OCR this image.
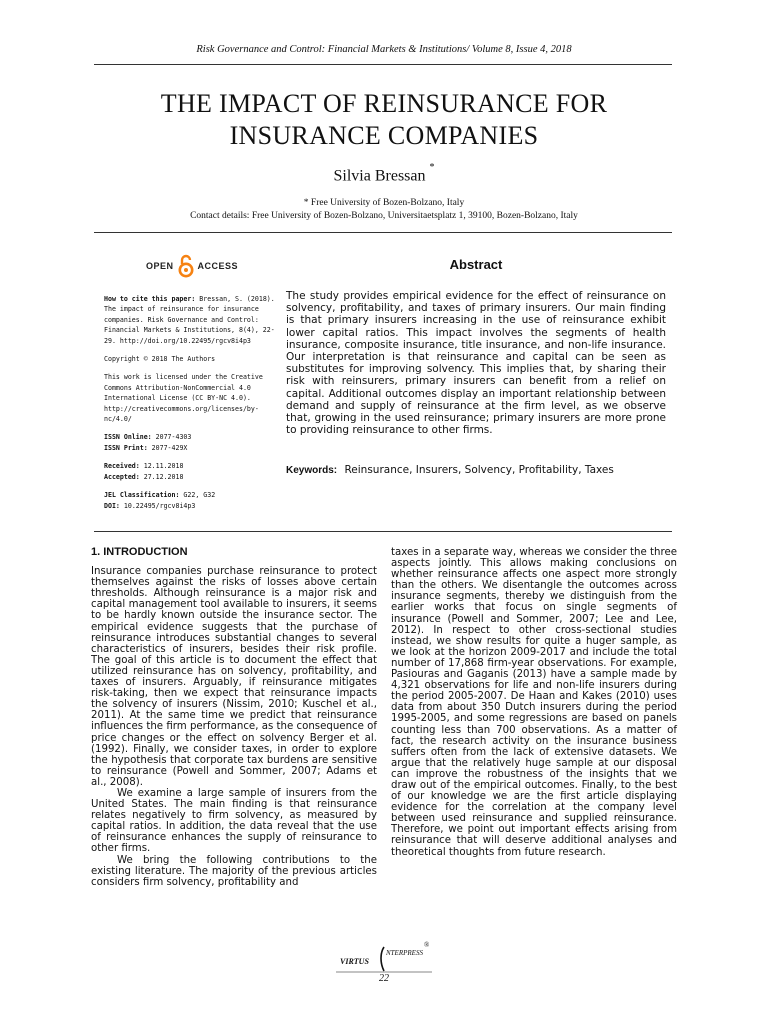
Risk Governance and Control: Financial Markets & Institutions/ Volume 8, Issue 4, 2018
THE IMPACT OF REINSURANCE FOR
INSURANCE COMPANIES
Silvia Bressan *
* Free University of Bozen-Bolzano, Italy
Contact details: Free University of Bozen-Bolzano, Universitaetsplatz 1, 39100, Bozen-Bolzano, Italy
OPEN	ACCESS

How to cite this paper: Bressan, S. (2018). The impact of reinsurance for insurance companies. Risk Governance and Control: Financial Markets & Institutions, 8(4), 22-29. http://doi.org/10.22495/rgcv8i4p3

Copyright © 2018 The Authors

This work is licensed under the Creative Commons Attribution-NonCommercial 4.0 International License (CC BY-NC 4.0). http://creativecommons.org/licenses/by-nc/4.0/

ISSN Online: 2077-4303
ISSN Print: 2077-429X

Received: 12.11.2018
Accepted: 27.12.2018

JEL Classification: G22, G32
DOI: 10.22495/rgcv8i4p3

Abstract
The study provides empirical evidence for the effect of reinsurance on solvency, profitability, and taxes of primary insurers. Our main finding is that primary insurers increasing in the use of reinsurance exhibit lower capital ratios. This impact involves the segments of health insurance, composite insurance, title insurance, and non-life insurance. Our interpretation is that reinsurance and capital can be seen as substitutes for improving solvency. This implies that, by sharing their risk with reinsurers, primary insurers can benefit from a relief on capital. Additional outcomes display an important relationship between demand and supply of reinsurance at the firm level, as we observe that, growing in the used reinsurance; primary insurers are more prone to providing reinsurance to other firms.
Keywords: Reinsurance, Insurers, Solvency, Profitability, Taxes
1. INTRODUCTION

Insurance companies purchase reinsurance to protect themselves against the risks of losses above certain thresholds. Although reinsurance is a major risk and capital management tool available to insurers, it seems to be hardly known outside the insurance sector. The empirical evidence suggests that the purchase of reinsurance introduces substantial changes to several characteristics of insurers, besides their risk profile. The goal of this article is to document the effect that utilized reinsurance has on solvency, profitability, and taxes of insurers. Arguably, if reinsurance mitigates risk-taking, then we expect that reinsurance impacts the solvency of insurers (Nissim, 2010; Kuschel et al., 2011). At the same time we predict that reinsurance influences the firm performance, as the consequence of price changes or the effect on solvency Berger et al. (1992). Finally, we consider taxes, in order to explore the hypothesis that corporate tax burdens are sensitive to reinsurance (Powell and Sommer, 2007; Adams et al., 2008).

We examine a large sample of insurers from the United States. The main finding is that reinsurance relates negatively to firm solvency, as measured by capital ratios. In addition, the data reveal that the use of reinsurance enhances the supply of reinsurance to other firms.

We bring the following contributions to the existing literature. The majority of the previous articles considers firm solvency, profitability and

taxes in a separate way, whereas we consider the three aspects jointly. This allows making conclusions on whether reinsurance affects one aspect more strongly than the others. We disentangle the outcomes across insurance segments, thereby we distinguish from the earlier works that focus on single segments of insurance (Powell and Sommer, 2007; Lee and Lee, 2012). In respect to other cross-sectional studies instead, we show results for quite a huger sample, as we look at the horizon 2009-2017 and include the total number of 17,868 firm-year observations. For example, Pasiouras and Gaganis (2013) have a sample made by 4,321 observations for life and non-life insurers during the period 2005-2007. De Haan and Kakes (2010) uses data from about 350 Dutch insurers during the period 1995-2005, and some regressions are based on panels counting less than 700 observations. As a matter of fact, the research activity on the insurance business suffers often from the lack of extensive datasets. We argue that the relatively huge sample at our disposal can improve the robustness of the insights that we draw out of the empirical outcomes. Finally, to the best of our knowledge we are the first article displaying evidence for the correlation at the company level between used reinsurance and supplied reinsurance. Therefore, we point out important effects arising from reinsurance that will deserve additional analyses and theoretical thoughts from future research.

VIRTUS
NTERPRESS
®
22
